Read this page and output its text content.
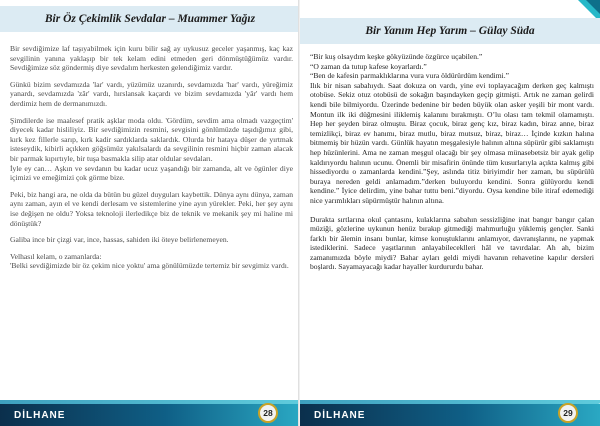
Bir Öz Çekimlik Sevdalar – Muammer Yağız

Bir sevdiğimize laf taşıyabilmek için kuru bilir sağ ay uykusuz geceler yaşanmış, kaç kaz sevgilinin yanına yaklaşıp bir tek kelam edini etmeden geri dönmüştüğümüz vardır. Sevdiğimize söz göndermiş diye sevdalım herkesten gelendiğimiz vardır.

Günkü bizim sevdamızda 'lar' vardı, yüzümüz uzanırdı, sevdamızda 'har' vardı, yüreğimiz yanardı, sevdamızda 'zâr' vardı, hırslansak kaçardı ve bizim sevdamızda 'yâr' vardı hem derdimiz hem de dermanımızdı.

Şimdilerde ise maalesef pratik aşklar moda oldu. 'Gördüm, sevdim ama olmadı vazgeçtim' diyecek kadar hisliliyiz. Bir sevdiğimizin resmini, sevgisini gönlümüzde taşıdığımız gibi, kırk kez fillerle sarıp, kırk kadir sardıklarda saklardık. Olurda bir hataya düşer de yırtmak isteseydik, kibirli açıkken göğsümüz yakılsalardı da sevgilinin resmini hiçbir zaman alacak bir parmak kıpırtıyle, bir tuşa basmakla silip atar oldular sevdaları.

İyle ey can… Aşkın ve sevdanın bu kadar ucuz yaşandığı bir zamanda, alt ve ögünler diye içimizi ve emeğimizi çok görme bize.

Peki, biz hangi ara, ne olda da bütün bu güzel duyguları kaybettik. Dünya aynı dünya, zaman aynı zaman, ayın el ve kendi derlesam ve sistemlerine yine ayın yürekler. Peki, her şey aynı ise değişen ne oldu? Yoksa teknoloji ilerledikçe biz de teknik ve mekanik şey mi haline mi dönüştük?

Galiba ince bir çizgi var, ince, hassas, sahiden iki öteye belirlenemeyen.

Velhasıl kelam, o zamanlarda:

'Belki sevdiğimizde bir öz çekim nice yoktu' ama gönülümüzde tertemiz bir sevgimiz vardı.

DİLHANE	28
Bir Yanım Hep Yarım – Gülay Süda

“Bir kuş olsaydım keşke gökyüzünde özgürce uçabilen.”
“O zaman da tutup kafese koyarlardı.”
“Ben de kafesin parmaklıklarına vura vura öldürürdüm kendimi.”
Ilık bir nisan sabahıydı. Saat dokuza on vardı, yine evi toplayacağım derken geç kalmıştı otobüse. Sekiz otuz otobüsü de sokağın başındayken geçip gitmişti. Artık ne zaman gelirdi kendi bile bilmiyordu. Üzerinde bedenine bir beden büyük olan asker yeşili bir mont vardı. Montun ilk iki düğmesini iliklemiş kalanını bırakmıştı. O’lu olası tam tekmil olamamıştı. Hep her şeyden biraz olmuştu. Biraz çocuk, biraz genç kız, biraz kadın, biraz anne, biraz temizlikçi, biraz ev hanımı, biraz mutlu, biraz mutsuz, biraz, biraz… İçinde kızkın halına bitmemiş bir hüzün vardı. Günlük hayatın meşgalesiyle halının altına süpürür gibi saklamıştı hep hüzünlerini. Ama ne zaman meşgul olacağı bir şey olmasa münasebetsiz bir ayak gelip kaldırıyordu halının ucunu. Önemli bir misafirin önünde tüm kusurlarıyla açıkta kalmış gibi hissediyordu o zamanlarda kendini.”Şey, aslında titiz biriyimdir her zaman, bu süpürülü buraya nereden geldi anlamadım.”derken buluyordu kendini. Sonra gülüyordu kendi kendine.” İyice delirdim, yine bahar tuttu beni.”diyordu. Oysa kendine bile itiraf edemediği nice yarımlıkları süpürmüştür halının altına.

Durakta sırtlarına okul çantasını, kulaklarına sabahın sessizliğine inat bangır bangır çalan müziği, gözlerine uykunun henüz bırakıp gitmediği mahmurluğu yüklemiş gençler. Sanki farklı bir âlemin insanı bunlar, kimse konuştuklarını anlamıyor, davranışlarını, ne yapmak istediklerini. Sadece yaşıtlarının anlayabileceklleri hâl ve tavırdalar. Ah ah, bizim zamanımızda böyle miydi? Bahar ayları geldi miydi havanın rehavetine kapılır dersleri boşlardı. Sayamayacağı kadar hayaller kurdururdu bahar.

DİLHANE	29
